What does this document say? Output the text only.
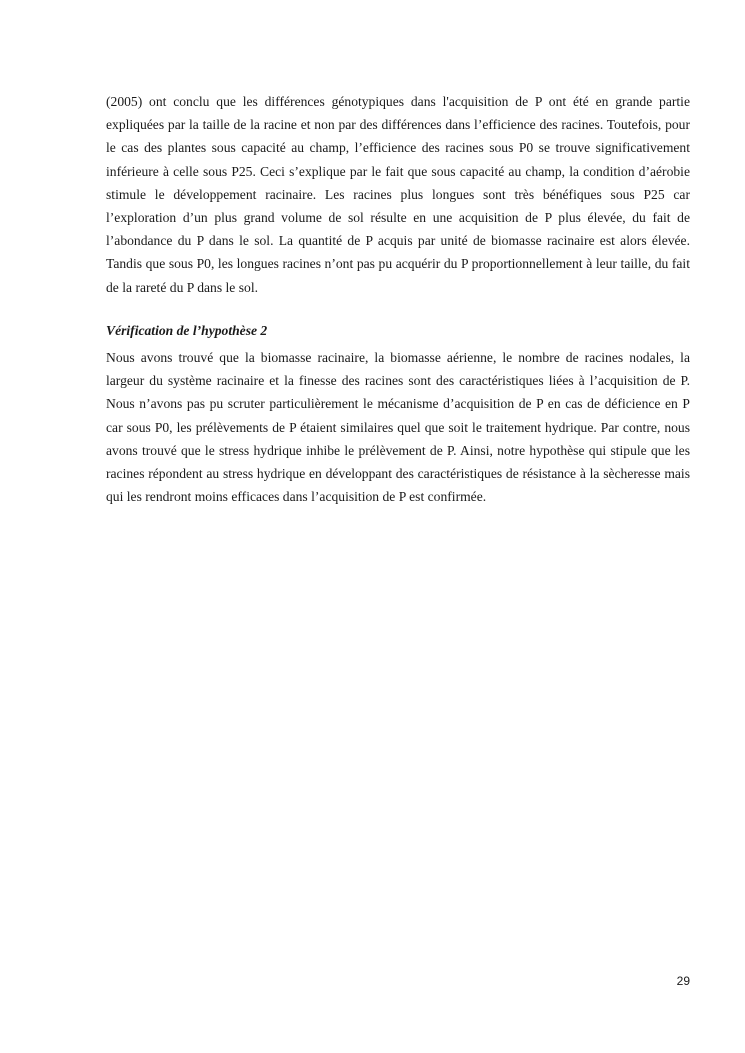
(2005) ont conclu que les différences génotypiques dans l'acquisition de P ont été en grande partie expliquées par la taille de la racine et non par des différences dans l’efficience des racines. Toutefois, pour le cas des plantes sous capacité au champ, l’efficience des racines sous P0 se trouve significativement inférieure à celle sous P25. Ceci s’explique par le fait que sous capacité au champ, la condition d’aérobie stimule le développement racinaire. Les racines plus longues sont très bénéfiques sous P25 car l’exploration d’un plus grand volume de sol résulte en une acquisition de P plus élevée, du fait de l’abondance du P dans le sol. La quantité de P acquis par unité de biomasse racinaire est alors élevée. Tandis que sous P0, les longues racines n’ont pas pu acquérir du P proportionnellement à leur taille, du fait de la rareté du P dans le sol.

Vérification de l’hypothèse 2

Nous avons trouvé que la biomasse racinaire, la biomasse aérienne, le nombre de racines nodales, la largeur du système racinaire et la finesse des racines sont des caractéristiques liées à l’acquisition de P. Nous n’avons pas pu scruter particulièrement le mécanisme d’acquisition de P en cas de déficience en P car sous P0, les prélèvements de P étaient similaires quel que soit le traitement hydrique. Par contre, nous avons trouvé que le stress hydrique inhibe le prélèvement de P. Ainsi, notre hypothèse qui stipule que les racines répondent au stress hydrique en développant des caractéristiques de résistance à la sècheresse mais qui les rendront moins efficaces dans l’acquisition de P est confirmée.

29
